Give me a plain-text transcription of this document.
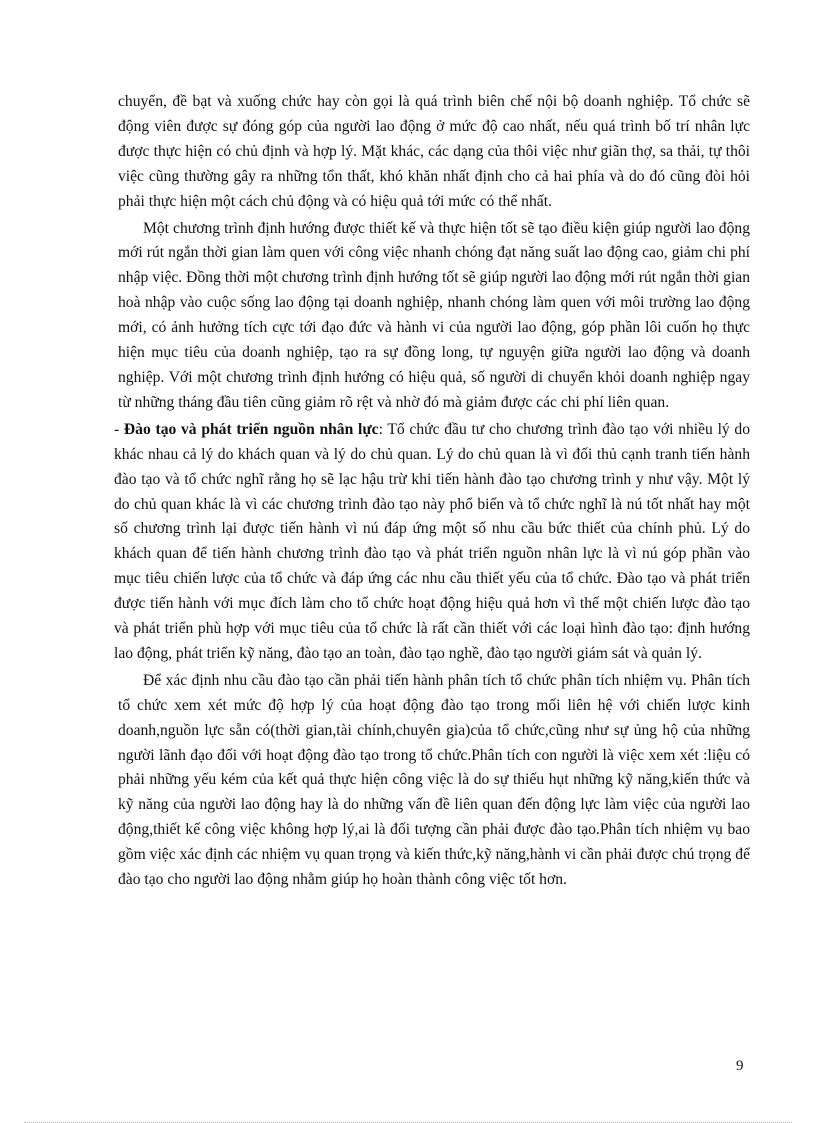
chuyển, đề bạt và xuống chức hay còn gọi là quá trình biên chế nội bộ doanh nghiệp. Tổ chức sẽ động viên được sự đóng góp của người lao động ở mức độ cao nhất, nếu quá trình bố trí nhân lực được thực hiện có chủ định và hợp lý. Mặt khác, các dạng của thôi việc như giãn thợ, sa thải, tự thôi việc cũng thường gây ra những tổn thất, khó khăn nhất định cho cả hai phía và do đó cũng đòi hỏi phải thực hiện một cách chủ động và có hiệu quả tới mức có thể nhất.

Một chương trình định hướng được thiết kế và thực hiện tốt sẽ tạo điều kiện giúp người lao động mới rút ngắn thời gian làm quen với công việc nhanh chóng đạt năng suất lao động cao, giảm chi phí nhập việc. Đồng thời một chương trình định hướng tốt sẽ giúp người lao động mới rút ngắn thời gian hoà nhập vào cuộc sống lao động tại doanh nghiệp, nhanh chóng làm quen với môi trường lao động mới, có ảnh hưởng tích cực tới đạo đức và hành vi của người lao động, góp phần lôi cuốn họ thực hiện mục tiêu của doanh nghiệp, tạo ra sự đồng long, tự nguyện giữa người lao động và doanh nghiệp. Với một chương trình định hướng có hiệu quả, số người di chuyển khỏi doanh nghiệp ngay từ những tháng đầu tiên cũng giảm rõ rệt và nhờ đó mà giảm được các chi phí liên quan.

- Đào tạo và phát triển nguồn nhân lực: Tổ chức đầu tư cho chương trình đào tạo với nhiều lý do khác nhau cả lý do khách quan và lý do chủ quan. Lý do chủ quan là vì đối thủ cạnh tranh tiến hành đào tạo và tổ chức nghĩ rằng họ sẽ lạc hậu trừ khi tiến hành đào tạo chương trình y như vậy. Một lý do chủ quan khác là vì các chương trình đào tạo này phổ biến và tổ chức nghĩ là nú tốt nhất hay một số chương trình lại được tiến hành vì nú đáp ứng một số nhu cầu bức thiết của chính phủ. Lý do khách quan để tiến hành chương trình đào tạo và phát triển nguồn nhân lực là vì nú góp phần vào mục tiêu chiến lược của tổ chức và đáp ứng các nhu cầu thiết yếu của tổ chức. Đào tạo và phát triển được tiến hành với mục đích làm cho tổ chức hoạt động hiệu quả hơn vì thế một chiến lược đào tạo và phát triển phù hợp với mục tiêu của tổ chức là rất cần thiết với các loại hình đào tạo: định hướng lao động, phát triển kỹ năng, đào tạo an toàn, đào tạo nghề, đào tạo người giám sát và quản lý.

Để xác định nhu cầu đào tạo cần phải tiến hành phân tích tổ chức phân tích nhiệm vụ. Phân tích tổ chức xem xét mức độ hợp lý của hoạt động đào tạo trong mối liên hệ với chiến lược kinh doanh,nguồn lực sẵn có(thời gian,tài chính,chuyên gia)của tổ chức,cũng như sự ủng hộ của những người lãnh đạo đối với hoạt động đào tạo trong tổ chức.Phân tích con người là việc xem xét :liệu có phải những yếu kém của kết quả thực hiện công việc là do sự thiếu hụt những kỹ năng,kiến thức và kỹ năng của người lao động hay là do những vấn đề liên quan đến động lực làm việc của người lao động,thiết kế công việc không hợp lý,ai là đối tượng cần phải được đào tạo.Phân tích nhiệm vụ bao gồm việc xác định các nhiệm vụ quan trọng và kiến thức,kỹ năng,hành vi cần phải được chú trọng để đào tạo cho người lao động nhằm giúp họ hoàn thành công việc tốt hơn.

9
